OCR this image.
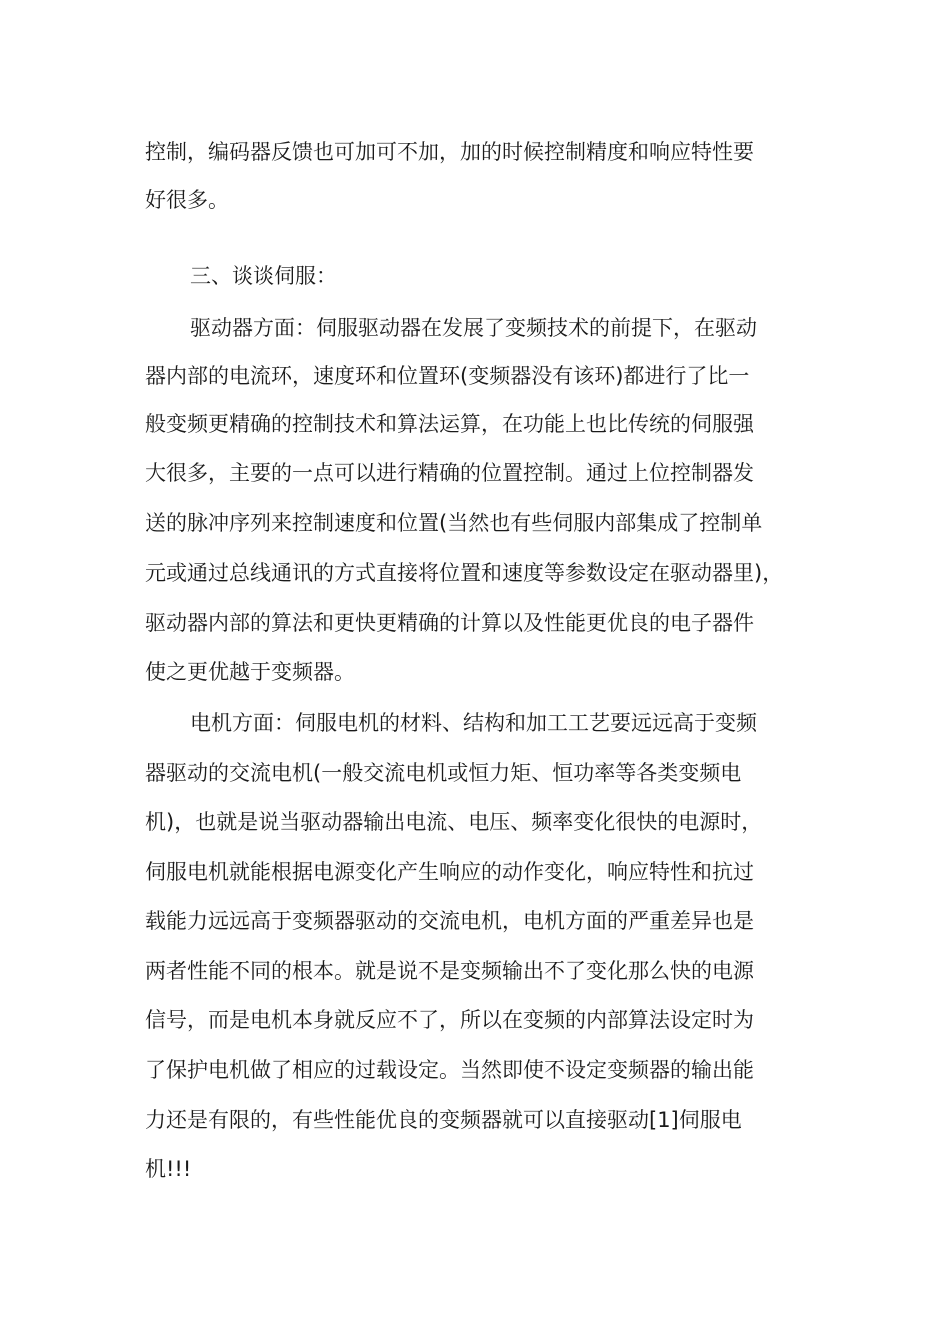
控制，编码器反馈也可加可不加，加的时候控制精度和响应特性要
好很多。
三、谈谈伺服：
驱动器方面：伺服驱动器在发展了变频技术的前提下，在驱动
器内部的电流环，速度环和位置环(变频器没有该环)都进行了比一
般变频更精确的控制技术和算法运算，在功能上也比传统的伺服强
大很多，主要的一点可以进行精确的位置控制。通过上位控制器发
送的脉冲序列来控制速度和位置(当然也有些伺服内部集成了控制单
元或通过总线通讯的方式直接将位置和速度等参数设定在驱动器里)，
驱动器内部的算法和更快更精确的计算以及性能更优良的电子器件
使之更优越于变频器。
电机方面：伺服电机的材料、结构和加工工艺要远远高于变频
器驱动的交流电机(一般交流电机或恒力矩、恒功率等各类变频电
机)，也就是说当驱动器输出电流、电压、频率变化很快的电源时，
伺服电机就能根据电源变化产生响应的动作变化，响应特性和抗过
载能力远远高于变频器驱动的交流电机，电机方面的严重差异也是
两者性能不同的根本。就是说不是变频输出不了变化那么快的电源
信号，而是电机本身就反应不了，所以在变频的内部算法设定时为
了保护电机做了相应的过载设定。当然即使不设定变频器的输出能
力还是有限的，有些性能优良的变频器就可以直接驱动[1]伺服电
机!!!
